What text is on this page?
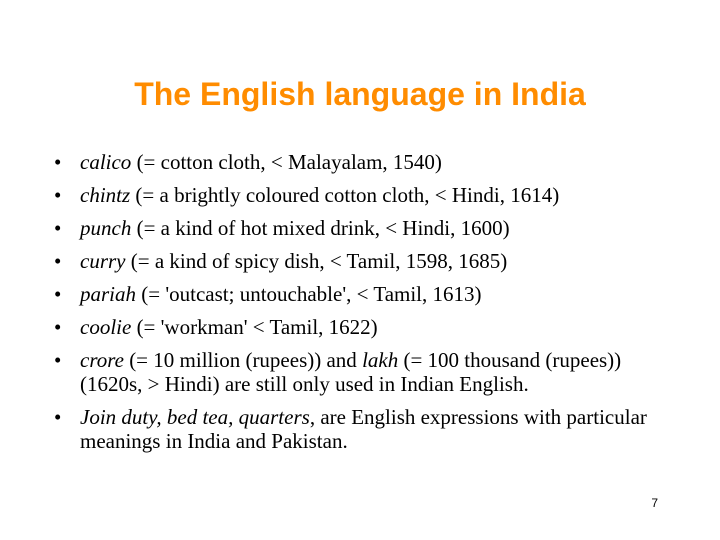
The English language in India
• calico (= cotton cloth, < Malayalam, 1540)
• chintz (= a brightly coloured cotton cloth, < Hindi, 1614)
• punch (= a kind of hot mixed drink, < Hindi, 1600)
• curry (= a kind of spicy dish, < Tamil, 1598, 1685)
• pariah (= 'outcast; untouchable', < Tamil, 1613)
• coolie (= 'workman' < Tamil, 1622)
• crore (= 10 million (rupees)) and lakh (= 100 thousand (rupees)) (1620s, > Hindi) are still only used in Indian English.
• Join duty, bed tea, quarters, are English expressions with particular meanings in India and Pakistan.
7
